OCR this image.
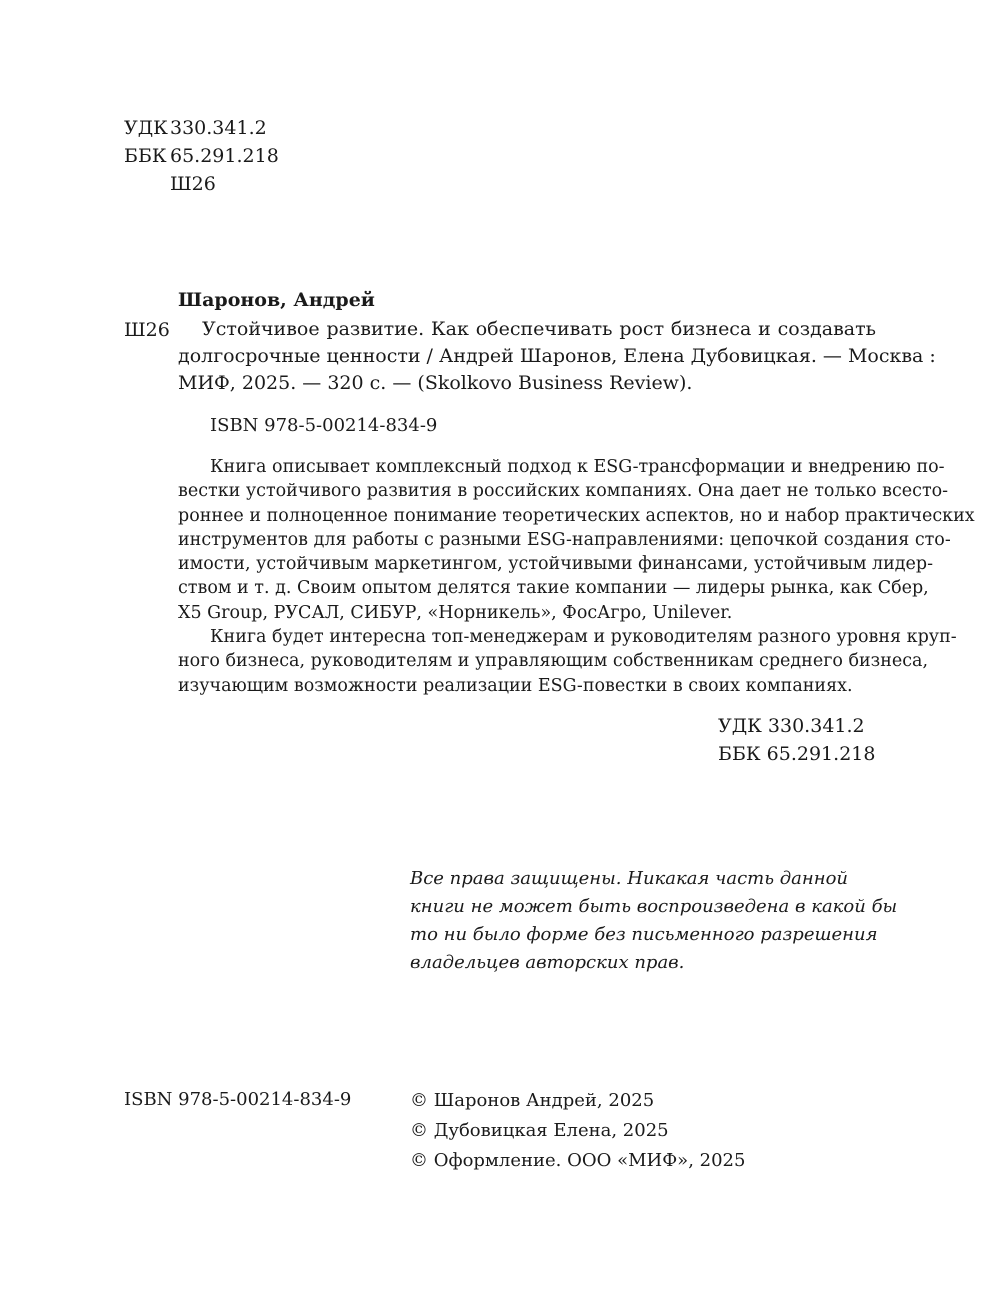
УДК 330.341.2
ББК 65.291.218
Ш26
Шаронов, Андрей
Ш26	Устойчивое развитие. Как обеспечивать рост бизнеса и создавать
долгосрочные ценности / Андрей Шаронов, Елена Дубовицкая. — Москва :
МИФ, 2025. — 320 с. — (Skolkovo Business Review).
ISBN 978-5-00214-834-9
Книга описывает комплексный подход к ESG-трансформации и внедрению по-
вестки устойчивого развития в российских компаниях. Она дает не только всесто-
роннее и полноценное понимание теоретических аспектов, но и набор практических
инструментов для работы с разными ESG-направлениями: цепочкой создания сто-
имости, устойчивым маркетингом, устойчивыми финансами, устойчивым лидер-
ством и т. д. Своим опытом делятся такие компании — лидеры рынка, как Сбер,
X5 Group, РУСАЛ, СИБУР, «Норникель», ФосАгро, Unilever.
Книга будет интересна топ-менеджерам и руководителям разного уровня круп-
ного бизнеса, руководителям и управляющим собственникам среднего бизнеса,
изучающим возможности реализации ESG-повестки в своих компаниях.
УДК 330.341.2
ББК 65.291.218
Все права защищены. Никакая часть данной
книги не может быть воспроизведена в какой бы
то ни было форме без письменного разрешения
владельцев авторских прав.
ISBN 978-5-00214-834-9	© Шаронов Андрей, 2025
© Дубовицкая Елена, 2025
© Оформление. ООО «МИФ», 2025
